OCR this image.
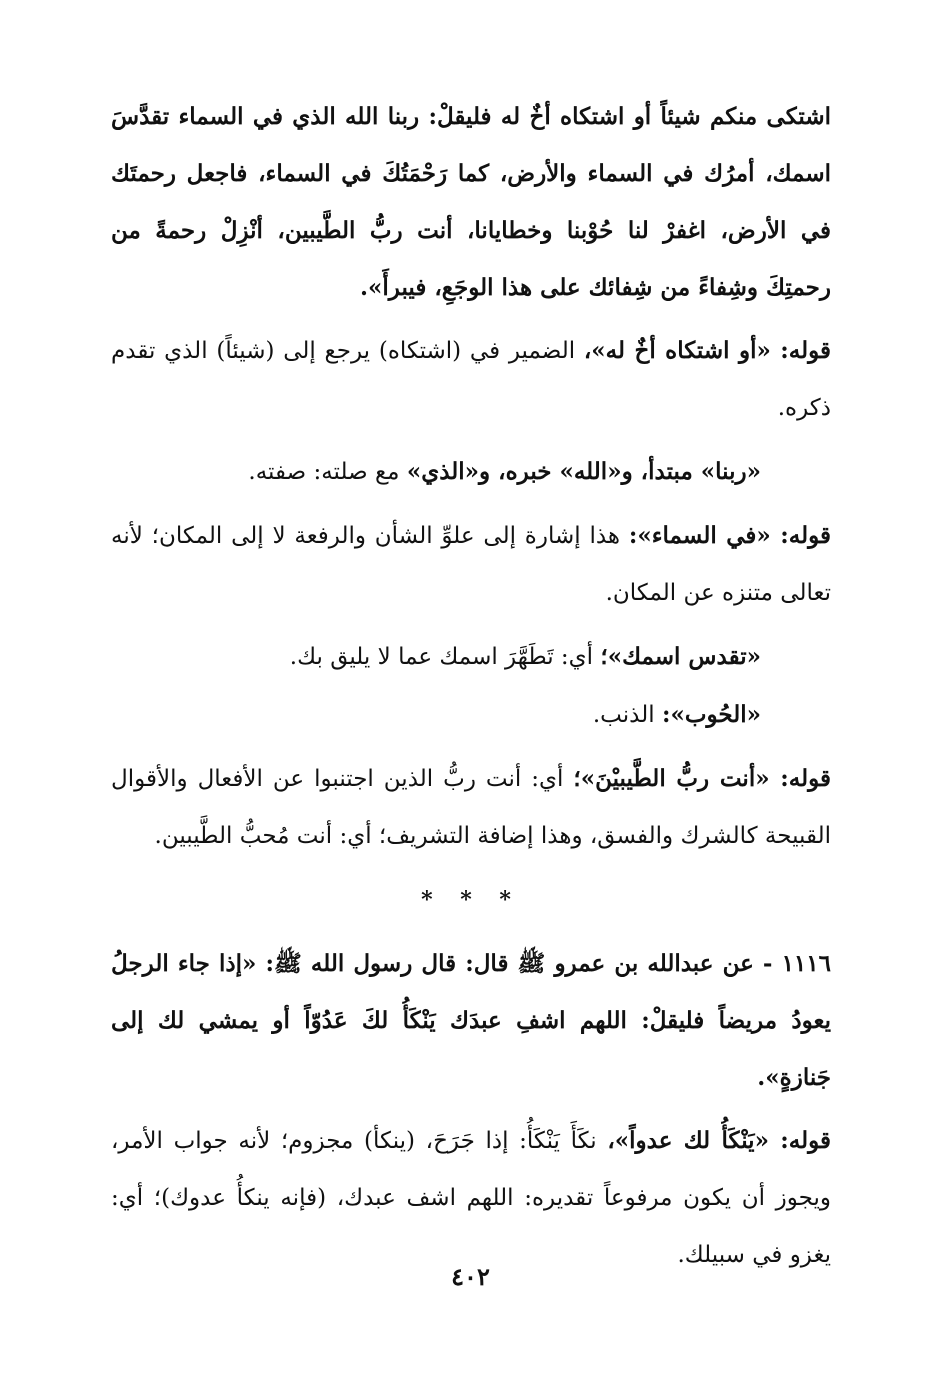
اشتكى منكم شيئاً أو اشتكاه أخٌ له فليقلْ: ربنا الله الذي في السماء تقدَّسَ اسمك، أمرُك في السماء والأرض، كما رَحْمَتُكَ في السماء، فاجعل رحمتَك في الأرض، اغفرْ لنا حُوْبنا وخطايانا، أنت ربُّ الطَّيبين، أنْزِلْ رحمةً من رحمتِكَ وشِفاءً من شِفائك على هذا الوجَعِ، فيبرأَ».

قوله: «أو اشتكاه أخٌ له»، الضمير في (اشتكاه) يرجع إلى (شيئاً) الذي تقدم ذكره.

«ربنا» مبتدأ، و«الله» خبره، و«الذي» مع صلته: صفته.

قوله: «في السماء»: هذا إشارة إلى علوِّ الشأن والرفعة لا إلى المكان؛ لأنه تعالى متنزه عن المكان.

«تقدس اسمك»؛ أي: تَطَهَّرَ اسمك عما لا يليق بك.

«الحُوب»: الذنب.

قوله: «أنت ربُّ الطَّيبيْنَ»؛ أي: أنت ربُّ الذين اجتنبوا عن الأفعال والأقوال القبيحة كالشرك والفسق، وهذا إضافة التشريف؛ أي: أنت مُحبُّ الطَّيبين.

* * *

١١١٦ - عن عبدالله بن عمرو ﷺ قال: قال رسول الله ﷺ: «إذا جاء الرجلُ يعودُ مريضاً فليقلْ: اللهم اشفِ عبدَك يَنْكَأُ لكَ عَدُوّاً أو يمشي لك إلى جَنازةٍ».

قوله: «يَنْكَأُ لك عدواً»، نكَأَ يَنْكَأُ: إذا جَرَحَ، (ينكأ) مجزوم؛ لأنه جواب الأمر، ويجوز أن يكون مرفوعاً تقديره: اللهم اشف عبدك، (فإنه ينكأُ عدوك)؛ أي: يغزو في سبيلك.

٤٠٢
